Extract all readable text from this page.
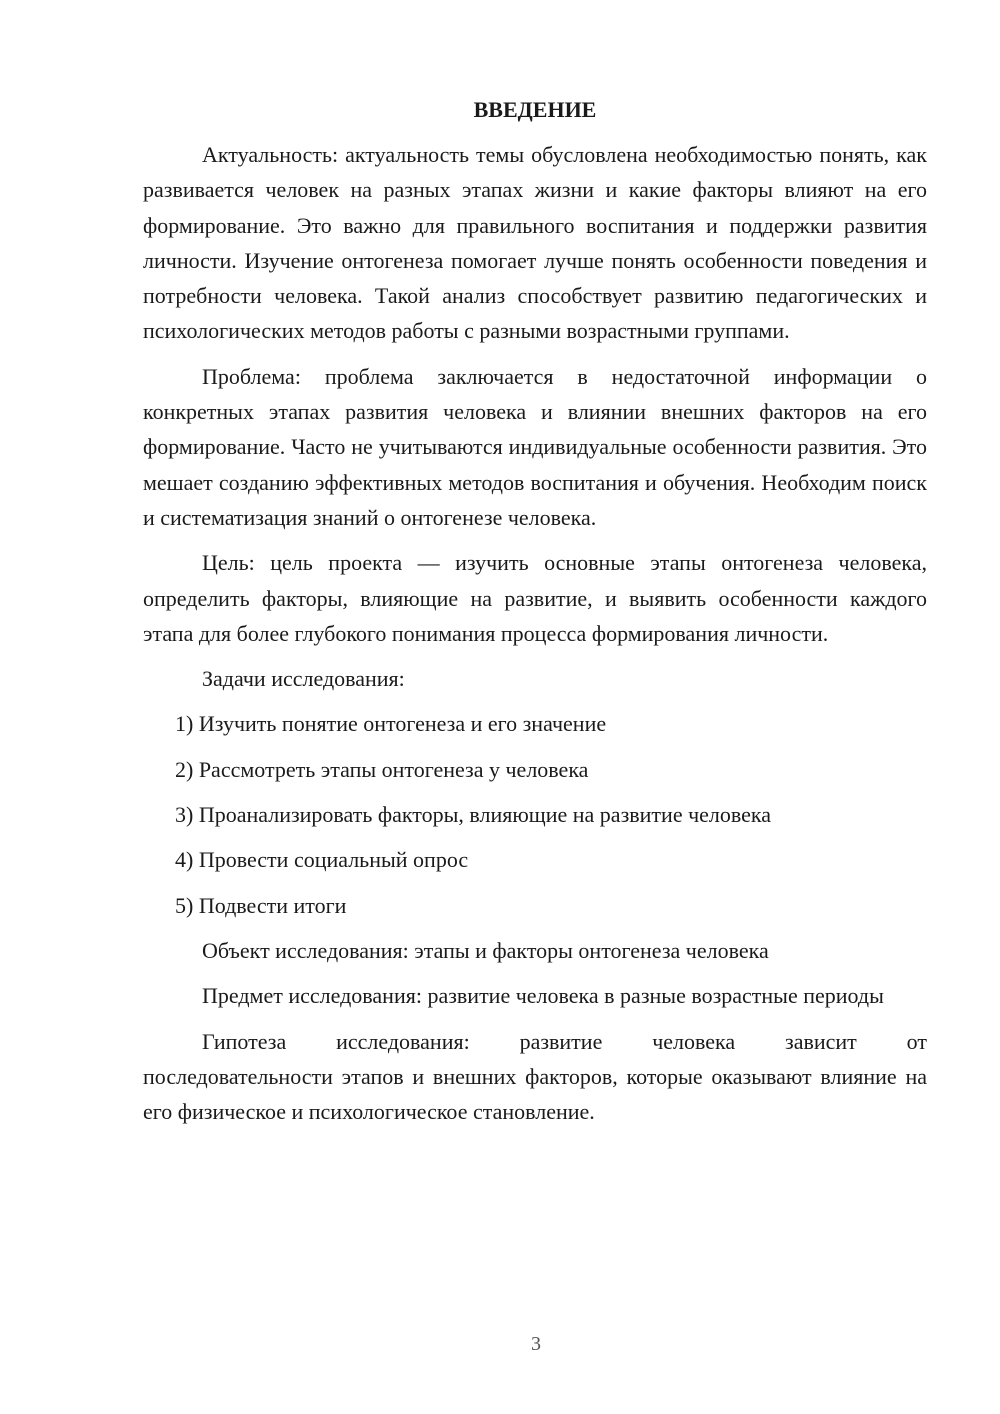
ВВЕДЕНИЕ

Актуальность: актуальность темы обусловлена необходимостью понять, как развивается человек на разных этапах жизни и какие факторы влияют на его формирование. Это важно для правильного воспитания и поддержки развития личности. Изучение онтогенеза помогает лучше понять особенности поведения и потребности человека. Такой анализ способствует развитию педагогических и психологических методов работы с разными возрастными группами.

Проблема: проблема заключается в недостаточной информации о конкретных этапах развития человека и влиянии внешних факторов на его формирование. Часто не учитываются индивидуальные особенности развития. Это мешает созданию эффективных методов воспитания и обучения. Необходим поиск и систематизация знаний о онтогенезе человека.

Цель: цель проекта — изучить основные этапы онтогенеза человека, определить факторы, влияющие на развитие, и выявить особенности каждого этапа для более глубокого понимания процесса формирования личности.

Задачи исследования:
1) Изучить понятие онтогенеза и его значение
2) Рассмотреть этапы онтогенеза у человека
3) Проанализировать факторы, влияющие на развитие человека
4) Провести социальный опрос
5) Подвести итоги

Объект исследования: этапы и факторы онтогенеза человека

Предмет исследования: развитие человека в разные возрастные периоды

Гипотеза исследования: развитие человека зависит от
последовательности этапов и внешних факторов, которые оказывают влияние на его физическое и психологическое становление.

3
